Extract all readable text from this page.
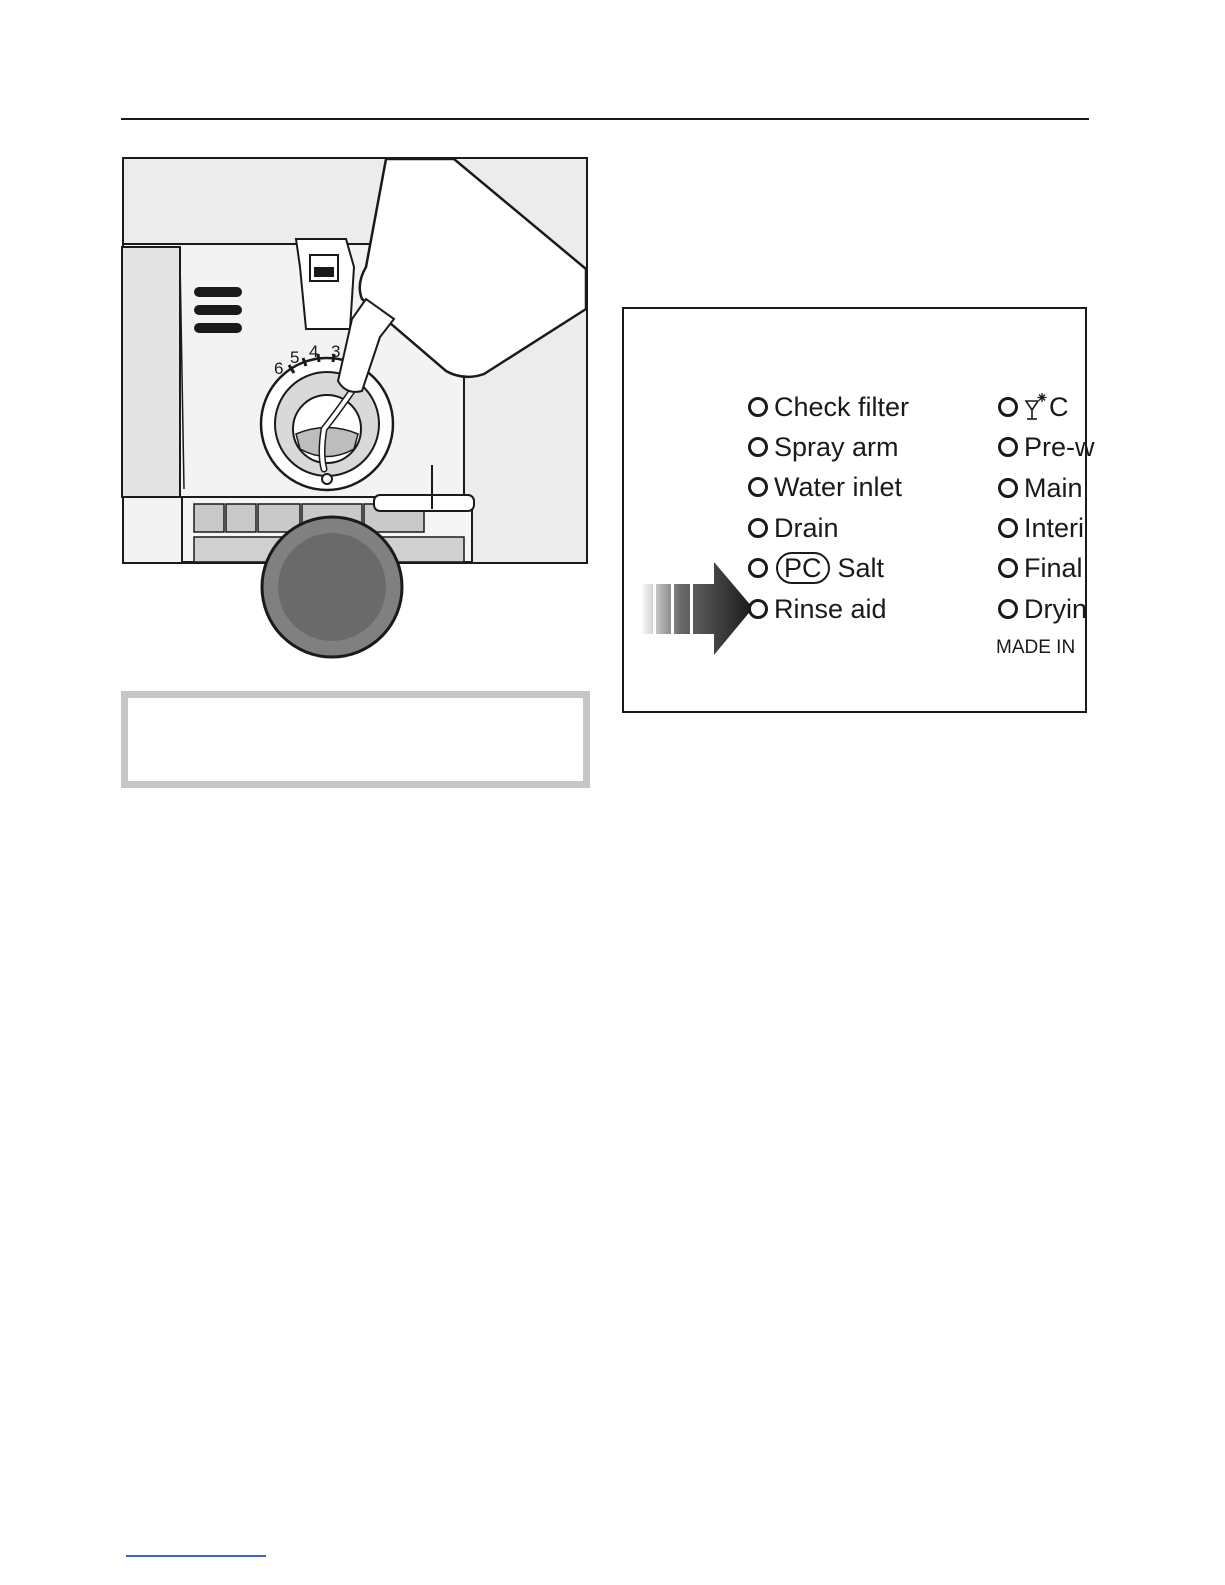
6
5 4 3
Check filter
Spray arm
Water inlet
Drain
PC Salt
Rinse aid
C
Pre-w
Main
Interi
Final
Dryin
MADE IN
